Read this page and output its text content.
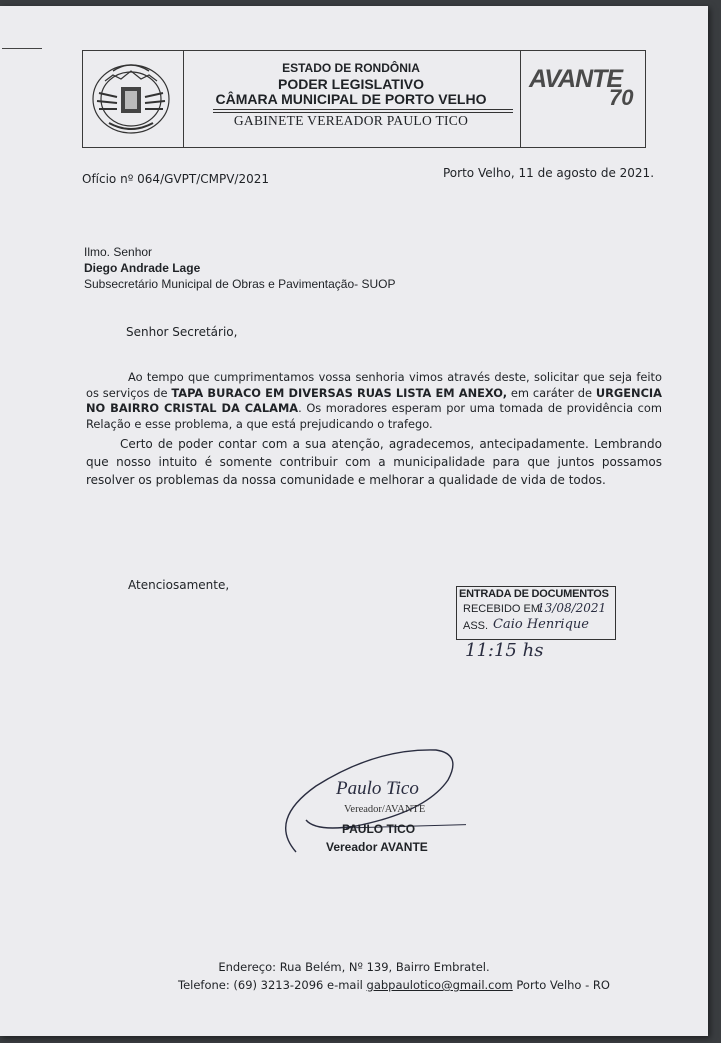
ESTADO DE RONDÔNIA
PODER LEGISLATIVO
CÂMARA MUNICIPAL DE PORTO VELHO
GABINETE VEREADOR PAULO TICO
AVANTE
70
Ofício nº 064/GVPT/CMPV/2021	Porto Velho, 11 de agosto de 2021.
Ilmo. Senhor
Diego Andrade Lage
Subsecretário Municipal de Obras e Pavimentação- SUOP
Senhor Secretário,

Ao tempo que cumprimentamos vossa senhoria vimos através deste, solicitar que seja feito os serviços de TAPA BURACO EM DIVERSAS RUAS LISTA EM ANEXO, em caráter de URGENCIA NO BAIRRO CRISTAL DA CALAMA. Os moradores esperam por uma tomada de providência com Relação e esse problema, a que está prejudicando o trafego.

Certo de poder contar com a sua atenção, agradecemos, antecipadamente. Lembrando que nosso intuito é somente contribuir com a municipalidade para que juntos possamos resolver os problemas da nossa comunidade e melhorar a qualidade de vida de todos.

Atenciosamente,
ENTRADA DE DOCUMENTOS
RECEBIDO EM:
13/08/2021
ASS. Caio Henrique
11:15 hs
Paulo Tico
Vereador/AVANTE
PAULO TICO
Vereador AVANTE
Endereço: Rua Belém, Nº 139, Bairro Embratel.
Telefone: (69) 3213-2096 e-mail gabpaulotico@gmail.com Porto Velho - RO
